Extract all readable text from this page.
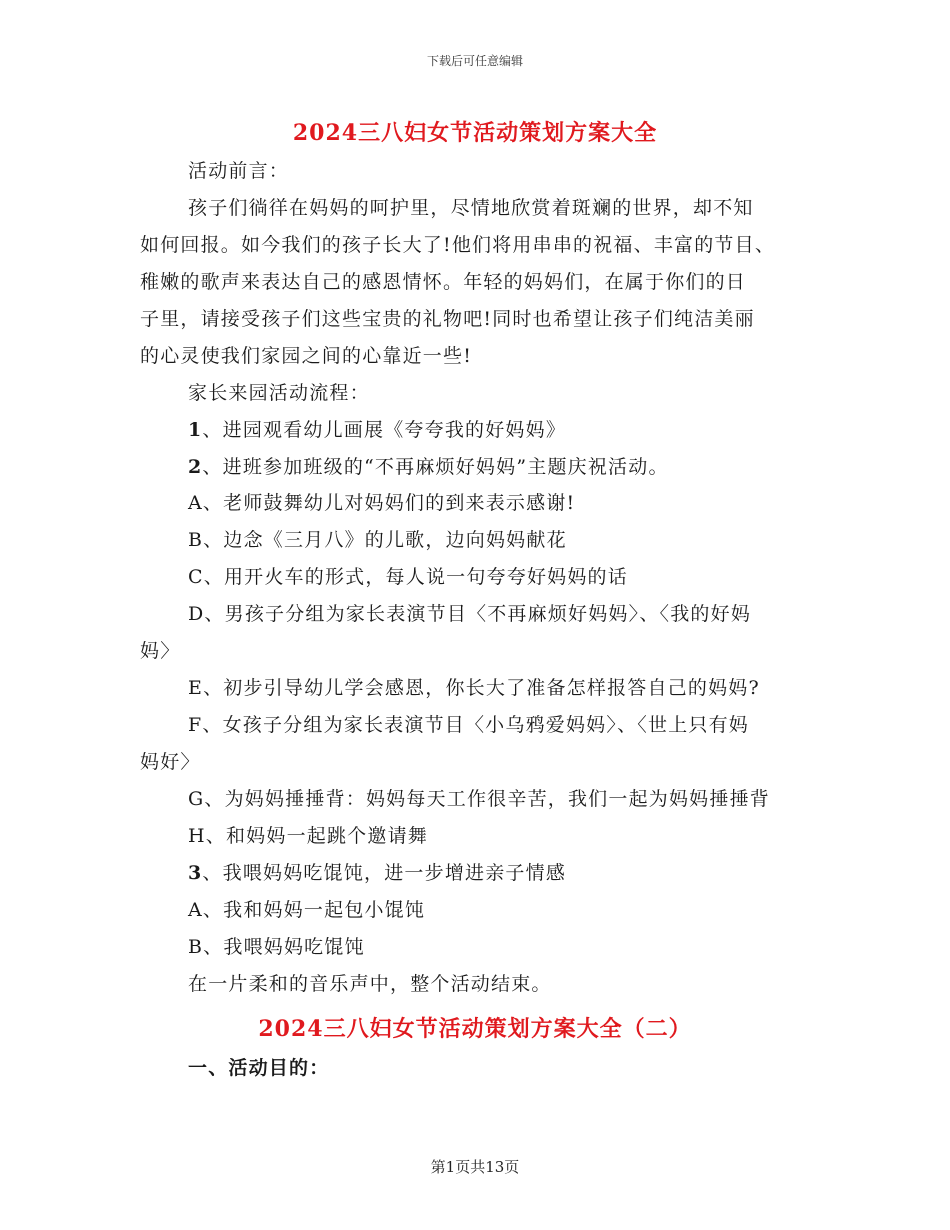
下载后可任意编辑
2024三八妇女节活动策划方案大全
活动前言：
孩子们徜徉在妈妈的呵护里，尽情地欣赏着斑斓的世界，却不知
如何回报。如今我们的孩子长大了!他们将用串串的祝福、丰富的节目、
稚嫩的歌声来表达自己的感恩情怀。年轻的妈妈们，在属于你们的日
子里，请接受孩子们这些宝贵的礼物吧!同时也希望让孩子们纯洁美丽
的心灵使我们家园之间的心靠近一些!
家长来园活动流程：
1、进园观看幼儿画展《夸夸我的好妈妈》
2、进班参加班级的“不再麻烦好妈妈”主题庆祝活动。
A、老师鼓舞幼儿对妈妈们的到来表示感谢!
B、边念《三月八》的儿歌，边向妈妈献花
C、用开火车的形式，每人说一句夸夸好妈妈的话
D、男孩子分组为家长表演节目〈不再麻烦好妈妈〉、〈我的好妈
妈〉
E、初步引导幼儿学会感恩，你长大了准备怎样报答自己的妈妈?
F、女孩子分组为家长表演节目〈小乌鸦爱妈妈〉、〈世上只有妈
妈好〉
G、为妈妈捶捶背：妈妈每天工作很辛苦，我们一起为妈妈捶捶背
H、和妈妈一起跳个邀请舞
3、我喂妈妈吃馄饨，进一步增进亲子情感
A、我和妈妈一起包小馄饨
B、我喂妈妈吃馄饨
在一片柔和的音乐声中，整个活动结束。
2024三八妇女节活动策划方案大全（二）
一、活动目的：
第1页共13页
